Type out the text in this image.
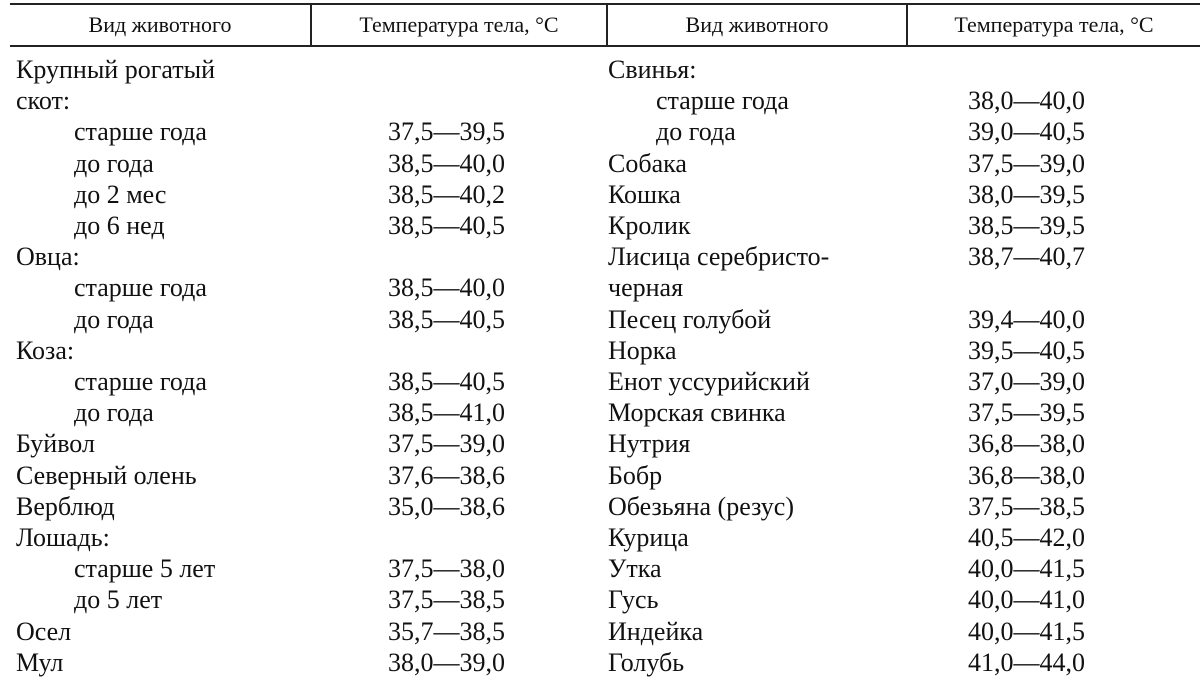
Вид животного	Температура тела, °С	Вид животного	Температура тела, °С
Крупный рогатый
скот:
старше года	37,5—39,5
до года	38,5—40,0
до 2 мес	38,5—40,2
до 6 нед	38,5—40,5
Овца:
старше года	38,5—40,0
до года	38,5—40,5
Коза:
старше года	38,5—40,5
до года	38,5—41,0
Буйвол	37,5—39,0
Северный олень	37,6—38,6
Верблюд	35,0—38,6
Лошадь:
старше 5 лет	37,5—38,0
до 5 лет	37,5—38,5
Осел	35,7—38,5
Мул	38,0—39,0
Свинья:
старше года	38,0—40,0
до года	39,0—40,5
Собака	37,5—39,0
Кошка	38,0—39,5
Кролик	38,5—39,5
Лисица серебристо-	38,7—40,7
черная
Песец голубой	39,4—40,0
Норка	39,5—40,5
Енот уссурийский	37,0—39,0
Морская свинка	37,5—39,5
Нутрия	36,8—38,0
Бобр	36,8—38,0
Обезьяна (резус)	37,5—38,5
Курица	40,5—42,0
Утка	40,0—41,5
Гусь	40,0—41,0
Индейка	40,0—41,5
Голубь	41,0—44,0
